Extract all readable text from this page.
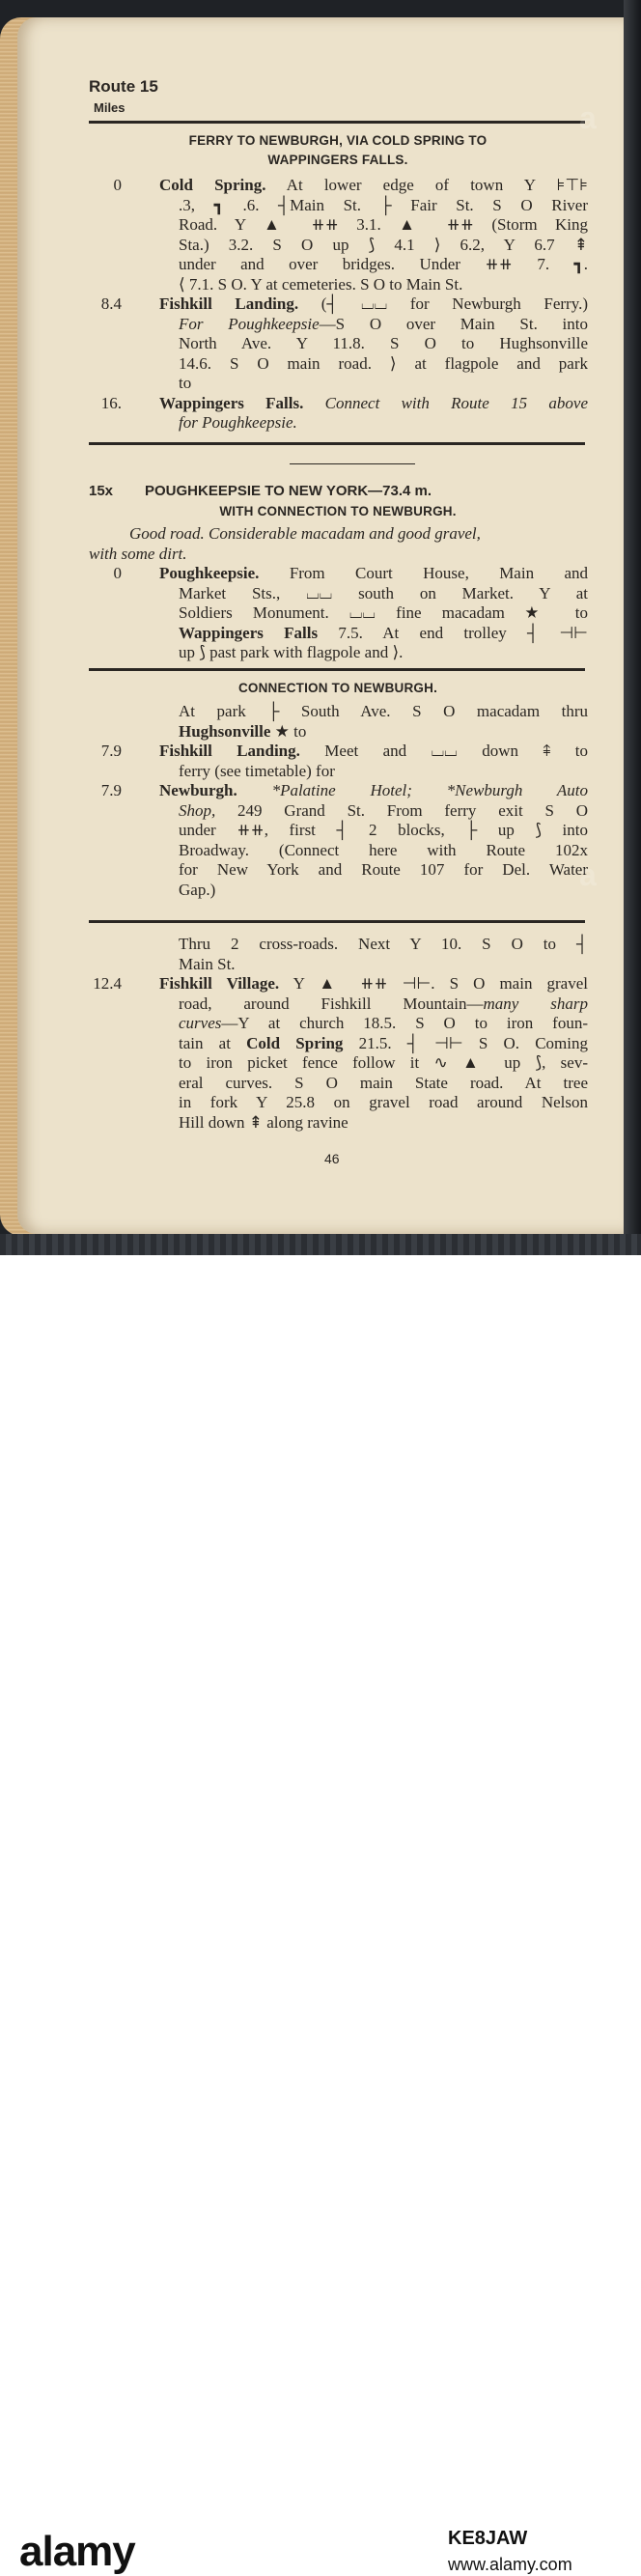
Route 15
Miles
FERRY TO NEWBURGH, VIA COLD SPRING TO
WAPPINGERS FALLS.
0 Cold Spring. At lower edge of town Y ⊧⊤⊧
.3, ┓ .6. ┤Main St. ├ Fair St. S O River
Road. Y ▲ ⧺⧺ 3.1. ▲ ⧺⧺ (Storm King
Sta.) 3.2. S O up ⟆ 4.1 ⟩ 6.2, Y 6.7 ⇞
under and over bridges. Under ⧺⧺ 7. ┓.
⟨ 7.1. S O. Y at cemeteries. S O to Main St.
8.4 Fishkill Landing. (┤ ⌴⌴ for Newburgh Ferry.)
For Poughkeepsie—S O over Main St. into
North Ave. Y 11.8. S O to Hughsonville
14.6. S O main road. ⟩ at flagpole and park
to
16. Wappingers Falls. Connect with Route 15 above
for Poughkeepsie.
15x POUGHKEEPSIE TO NEW YORK—73.4 m.
WITH CONNECTION TO NEWBURGH.
Good road. Considerable macadam and good gravel,
with some dirt.
0 Poughkeepsie. From Court House, Main and
Market Sts., ⌴⌴ south on Market. Y at
Soldiers Monument. ⌴⌴ fine macadam ★ to
Wappingers Falls 7.5. At end trolley ┤ ⊣⊢
up ⟆ past park with flagpole and ⟩.
CONNECTION TO NEWBURGH.
At park ├ South Ave. S O macadam thru
Hughsonville ★ to
7.9 Fishkill Landing. Meet and ⌴⌴ down ⇞ to
ferry (see timetable) for
7.9 Newburgh. *Palatine Hotel; *Newburgh Auto
Shop, 249 Grand St. From ferry exit S O
under ⧺⧺, first ┤ 2 blocks, ├ up ⟆ into
Broadway. (Connect here with Route 102x
for New York and Route 107 for Del. Water
Gap.)
Thru 2 cross-roads. Next Y 10. S O to ┤
Main St.
12.4 Fishkill Village. Y ▲ ⧺⧺ ⊣⊢. S O main gravel
road, around Fishkill Mountain—many sharp
curves—Y at church 18.5. S O to iron foun-
tain at Cold Spring 21.5. ┤ ⊣⊢ S O. Coming
to iron picket fence follow it ∿ ▲ up ⟆, sev-
eral curves. S O main State road. At tree
in fork Y 25.8 on gravel road around Nelson
Hill down ⇞ along ravine
46
a
a
alamy	KE8JAW
www.alamy.com
